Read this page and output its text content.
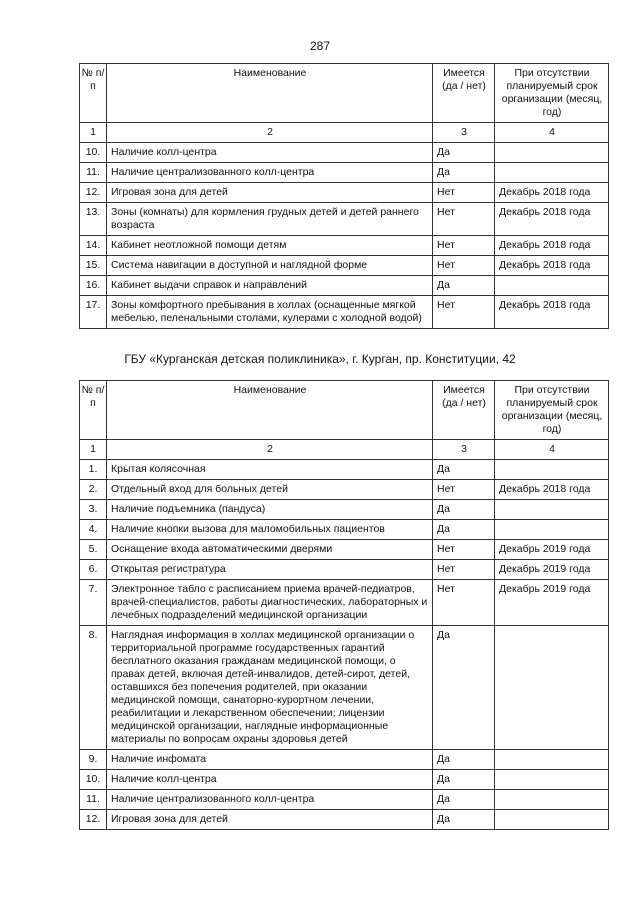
287
№ п/п	Наименование	Имеется (да / нет)	При отсутствии планируемый срок организации (месяц, год)
1	2	3	4
10.	Наличие колл-центра	Да	
11.	Наличие централизованного колл-центра	Да	
12.	Игровая зона для детей	Нет	Декабрь 2018 года
13.	Зоны (комнаты) для кормления грудных детей и детей раннего возраста	Нет	Декабрь 2018 года
14.	Кабинет неотложной помощи детям	Нет	Декабрь 2018 года
15.	Система навигации в доступной и наглядной форме	Нет	Декабрь 2018 года
16.	Кабинет выдачи справок и направлений	Да	
17.	Зоны комфортного пребывания в холлах (оснащенные мягкой мебелью, пеленальными столами, кулерами с холодной водой)	Нет	Декабрь 2018 года
ГБУ «Курганская детская поликлиника», г. Курган, пр. Конституции, 42
№ п/п	Наименование	Имеется (да / нет)	При отсутствии планируемый срок организации (месяц, год)
1	2	3	4
1.	Крытая колясочная	Да	
2.	Отдельный вход для больных детей	Нет	Декабрь 2018 года
3.	Наличие подъемника (пандуса)	Да	
4.	Наличие кнопки вызова для маломобильных пациентов	Да	
5.	Оснащение входа автоматическими дверями	Нет	Декабрь 2019 года
6.	Открытая регистратура	Нет	Декабрь 2019 года
7.	Электронное табло с расписанием приема врачей-педиатров, врачей-специалистов, работы диагностических, лабораторных и лечебных подразделений медицинской организации	Нет	Декабрь 2019 года
8.	Наглядная информация в холлах медицинской организации о территориальной программе государственных гарантий бесплатного оказания гражданам медицинской помощи, о правах детей, включая детей-инвалидов, детей-сирот, детей, оставшихся без попечения родителей, при оказании медицинской помощи, санаторно-курортном лечении, реабилитации и лекарственном обеспечении; лицензии медицинской организации, наглядные информационные материалы по вопросам охраны здоровья детей	Да	
9.	Наличие инфомата	Да	
10.	Наличие колл-центра	Да	
11.	Наличие централизованного колл-центра	Да	
12.	Игровая зона для детей	Да	
